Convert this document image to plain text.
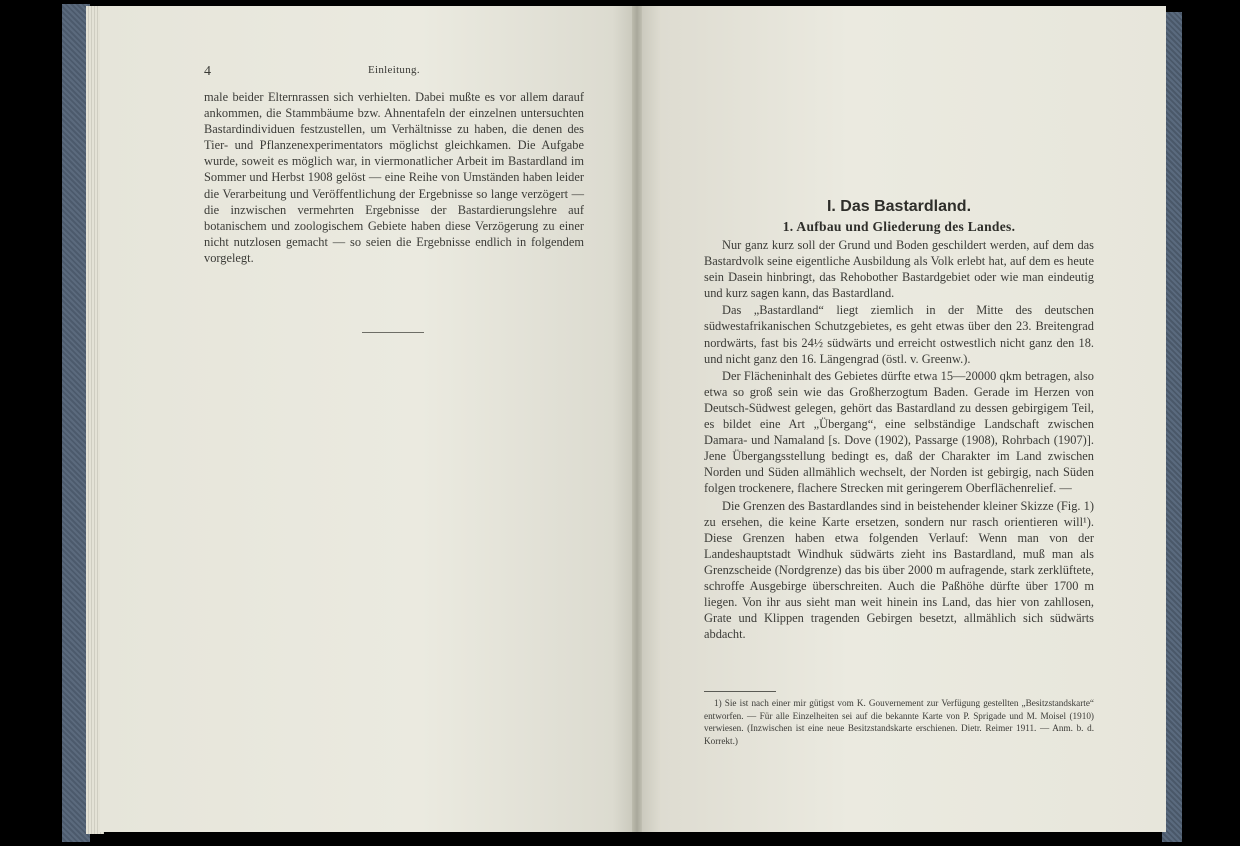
4	Einleitung.

male beider Elternrassen sich verhielten. Dabei mußte es vor allem darauf ankommen, die Stammbäume bzw. Ahnentafeln der einzelnen untersuchten Bastardindividuen festzustellen, um Verhältnisse zu haben, die denen des Tier- und Pflanzenexperimentators möglichst gleichkamen. Die Aufgabe wurde, soweit es möglich war, in viermonatlicher Arbeit im Bastardland im Sommer und Herbst 1908 gelöst — eine Reihe von Umständen haben leider die Verarbeitung und Veröffentlichung der Ergebnisse so lange verzögert — die inzwischen vermehrten Ergebnisse der Bastardierungslehre auf botanischem und zoologischem Gebiete haben diese Verzögerung zu einer nicht nutzlosen gemacht — so seien die Ergebnisse endlich in folgendem vorgelegt.

I. Das Bastardland.
1. Aufbau und Gliederung des Landes.

Nur ganz kurz soll der Grund und Boden geschildert werden, auf dem das Bastardvolk seine eigentliche Ausbildung als Volk erlebt hat, auf dem es heute sein Dasein hinbringt, das Rehobother Bastardgebiet oder wie man eindeutig und kurz sagen kann, das Bastardland.

Das „Bastardland“ liegt ziemlich in der Mitte des deutschen südwestafrikanischen Schutzgebietes, es geht etwas über den 23. Breitengrad nordwärts, fast bis 24½ südwärts und erreicht ostwestlich nicht ganz den 18. und nicht ganz den 16. Längengrad (östl. v. Greenw.).

Der Flächeninhalt des Gebietes dürfte etwa 15—20000 qkm betragen, also etwa so groß sein wie das Großherzogtum Baden. Gerade im Herzen von Deutsch-Südwest gelegen, gehört das Bastardland zu dessen gebirgigem Teil, es bildet eine Art „Übergang“, eine selbständige Landschaft zwischen Damara- und Namaland [s. Dove (1902), Passarge (1908), Rohrbach (1907)]. Jene Übergangsstellung bedingt es, daß der Charakter im Land zwischen Norden und Süden allmählich wechselt, der Norden ist gebirgig, nach Süden folgen trockenere, flachere Strecken mit geringerem Oberflächenrelief. —

Die Grenzen des Bastardlandes sind in beistehender kleiner Skizze (Fig. 1) zu ersehen, die keine Karte ersetzen, sondern nur rasch orientieren will¹). Diese Grenzen haben etwa folgenden Verlauf: Wenn man von der Landeshauptstadt Windhuk südwärts zieht ins Bastardland, muß man als Grenzscheide (Nordgrenze) das bis über 2000 m aufragende, stark zerklüftete, schroffe Ausgebirge überschreiten. Auch die Paßhöhe dürfte über 1700 m liegen. Von ihr aus sieht man weit hinein ins Land, das hier von zahllosen, Grate und Klippen tragenden Gebirgen besetzt, allmählich sich südwärts abdacht.

1) Sie ist nach einer mir gütigst vom K. Gouvernement zur Verfügung gestellten „Besitzstandskarte“ entworfen. — Für alle Einzelheiten sei auf die bekannte Karte von P. Sprigade und M. Moisel (1910) verwiesen. (Inzwischen ist eine neue Besitzstandskarte erschienen. Dietr. Reimer 1911. — Anm. b. d. Korrekt.)
